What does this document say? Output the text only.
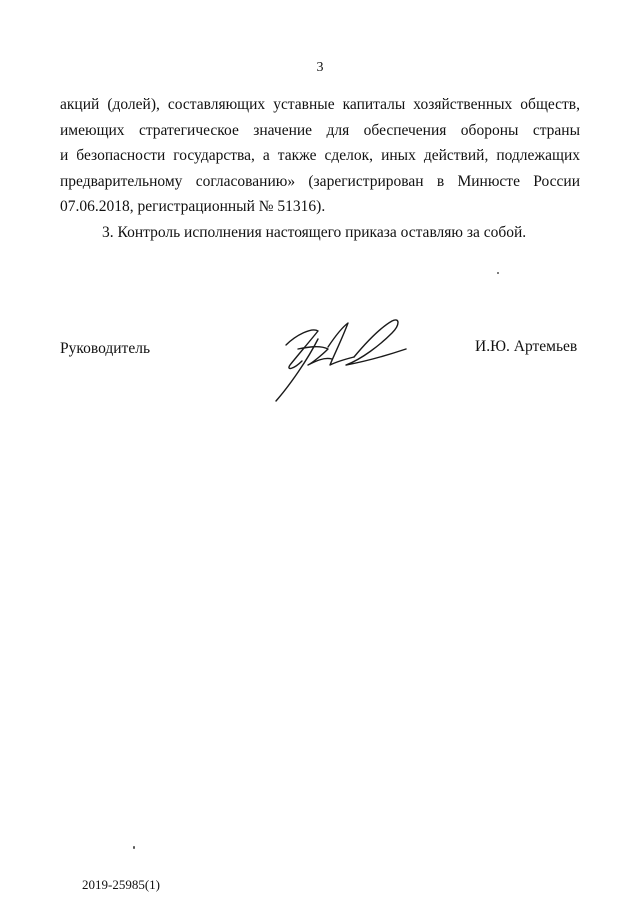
3

акций (долей), составляющих уставные капиталы хозяйственных обществ,
имеющих стратегическое значение для обеспечения обороны страны
и безопасности государства, а также сделок, иных действий, подлежащих
предварительному согласованию» (зарегистрирован в Минюсте России
07.06.2018, регистрационный № 51316).

3. Контроль исполнения настоящего приказа оставляю за собой.

Руководитель	И.Ю. Артемьев
2019-25985(1)
